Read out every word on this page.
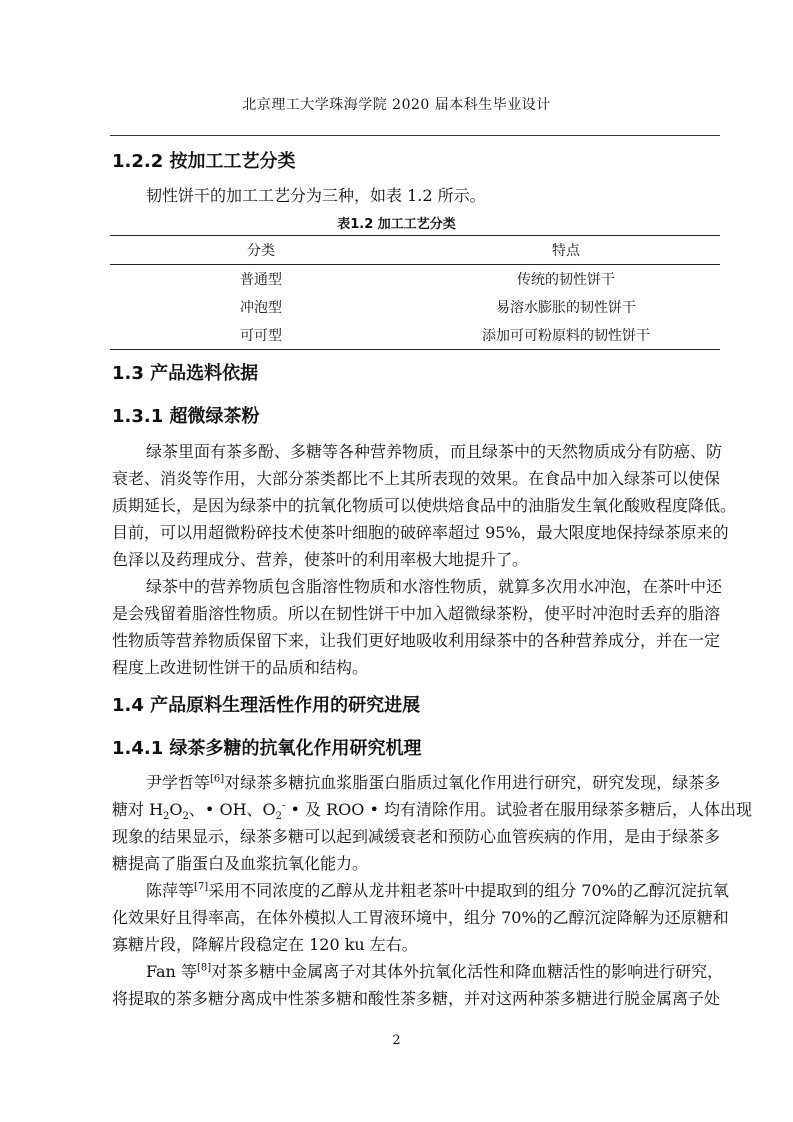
北京理工大学珠海学院 2020 届本科生毕业设计
1.2.2 按加工工艺分类
韧性饼干的加工工艺分为三种，如表 1.2 所示。
表1.2 加工工艺分类
分类	特点
普通型	传统的韧性饼干
冲泡型	易溶水膨胀的韧性饼干
可可型	添加可可粉原料的韧性饼干
1.3 产品选料依据
1.3.1 超微绿茶粉
绿茶里面有茶多酚、多糖等各种营养物质，而且绿茶中的天然物质成分有防癌、防
衰老、消炎等作用，大部分茶类都比不上其所表现的效果。在食品中加入绿茶可以使保
质期延长，是因为绿茶中的抗氧化物质可以使烘焙食品中的油脂发生氧化酸败程度降低。
目前，可以用超微粉碎技术使茶叶细胞的破碎率超过 95%，最大限度地保持绿茶原来的
色泽以及药理成分、营养，使茶叶的利用率极大地提升了。
绿茶中的营养物质包含脂溶性物质和水溶性物质，就算多次用水冲泡，在茶叶中还
是会残留着脂溶性物质。所以在韧性饼干中加入超微绿茶粉，使平时冲泡时丢弃的脂溶
性物质等营养物质保留下来，让我们更好地吸收利用绿茶中的各种营养成分，并在一定
程度上改进韧性饼干的品质和结构。
1.4 产品原料生理活性作用的研究进展
1.4.1 绿茶多糖的抗氧化作用研究机理
尹学哲等[6]对绿茶多糖抗血浆脂蛋白脂质过氧化作用进行研究，研究发现，绿茶多
糖对 $H_2O_2$、• OH、$O_2^-$ • 及 ROO • 均有清除作用。试验者在服用绿茶多糖后，人体出现
现象的结果显示，绿茶多糖可以起到减缓衰老和预防心血管疾病的作用，是由于绿茶多
糖提高了脂蛋白及血浆抗氧化能力。
陈萍等[7]采用不同浓度的乙醇从龙井粗老茶叶中提取到的组分 70%的乙醇沉淀抗氧
化效果好且得率高，在体外模拟人工胃液环境中，组分 70%的乙醇沉淀降解为还原糖和
寡糖片段，降解片段稳定在 120 ku 左右。
Fan 等[8]对茶多糖中金属离子对其体外抗氧化活性和降血糖活性的影响进行研究，
将提取的茶多糖分离成中性茶多糖和酸性茶多糖，并对这两种茶多糖进行脱金属离子处
2
